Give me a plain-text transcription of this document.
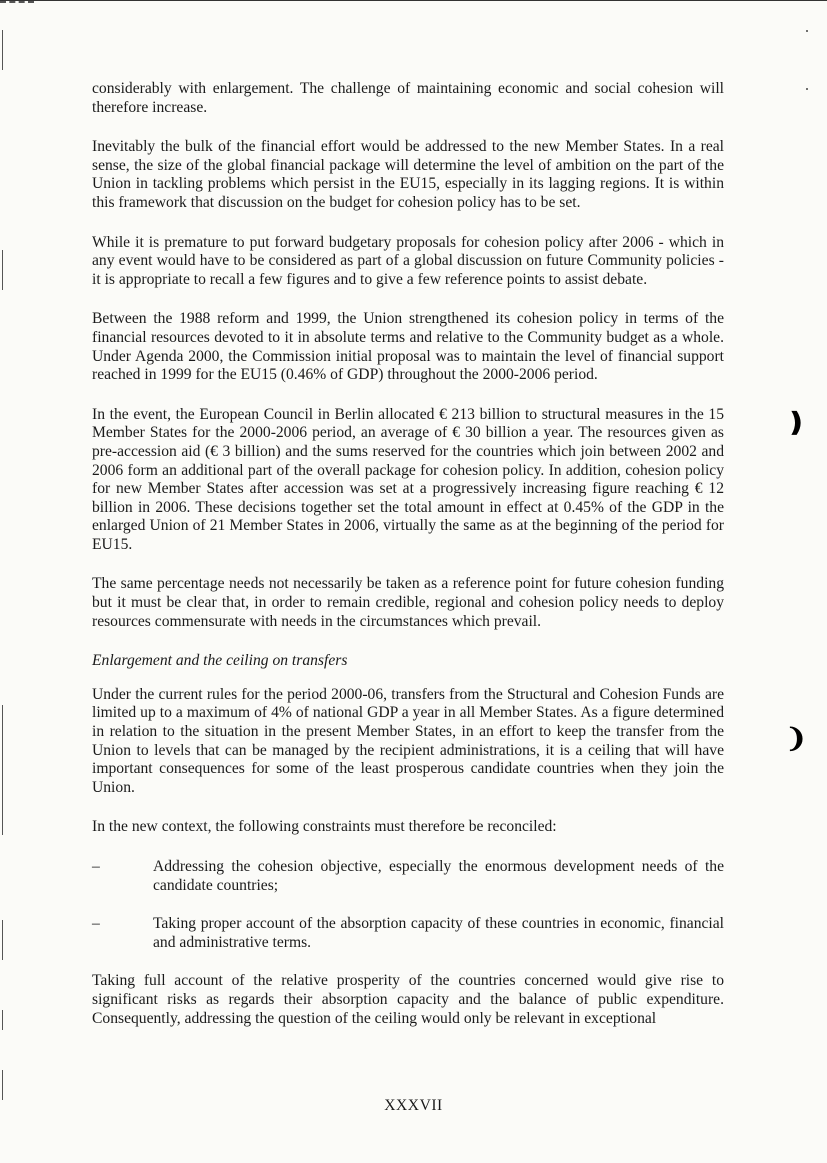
❫
❩

considerably with enlargement. The challenge of maintaining economic and social cohesion will therefore increase.

Inevitably the bulk of the financial effort would be addressed to the new Member States. In a real sense, the size of the global financial package will determine the level of ambition on the part of the Union in tackling problems which persist in the EU15, especially in its lagging regions. It is within this framework that discussion on the budget for cohesion policy has to be set.

While it is premature to put forward budgetary proposals for cohesion policy after 2006 - which in any event would have to be considered as part of a global discussion on future Community policies - it is appropriate to recall a few figures and to give a few reference points to assist debate.

Between the 1988 reform and 1999, the Union strengthened its cohesion policy in terms of the financial resources devoted to it in absolute terms and relative to the Community budget as a whole. Under Agenda 2000, the Commission initial proposal was to maintain the level of financial support reached in 1999 for the EU15 (0.46% of GDP) throughout the 2000-2006 period.

In the event, the European Council in Berlin allocated € 213 billion to structural measures in the 15 Member States for the 2000-2006 period, an average of € 30 billion a year. The resources given as pre-accession aid (€ 3 billion) and the sums reserved for the countries which join between 2002 and 2006 form an additional part of the overall package for cohesion policy. In addition, cohesion policy for new Member States after accession was set at a progressively increasing figure reaching € 12 billion in 2006. These decisions together set the total amount in effect at 0.45% of the GDP in the enlarged Union of 21 Member States in 2006, virtually the same as at the beginning of the period for EU15.

The same percentage needs not necessarily be taken as a reference point for future cohesion funding but it must be clear that, in order to remain credible, regional and cohesion policy needs to deploy resources commensurate with needs in the circumstances which prevail.

Enlargement and the ceiling on transfers

Under the current rules for the period 2000-06, transfers from the Structural and Cohesion Funds are limited up to a maximum of 4% of national GDP a year in all Member States. As a figure determined in relation to the situation in the present Member States, in an effort to keep the transfer from the Union to levels that can be managed by the recipient administrations, it is a ceiling that will have important consequences for some of the least prosperous candidate countries when they join the Union.

In the new context, the following constraints must therefore be reconciled:

–	Addressing the cohesion objective, especially the enormous development needs of the candidate countries;
–	Taking proper account of the absorption capacity of these countries in economic, financial and administrative terms.

Taking full account of the relative prosperity of the countries concerned would give rise to significant risks as regards their absorption capacity and the balance of public expenditure. Consequently, addressing the question of the ceiling would only be relevant in exceptional

XXXVII
